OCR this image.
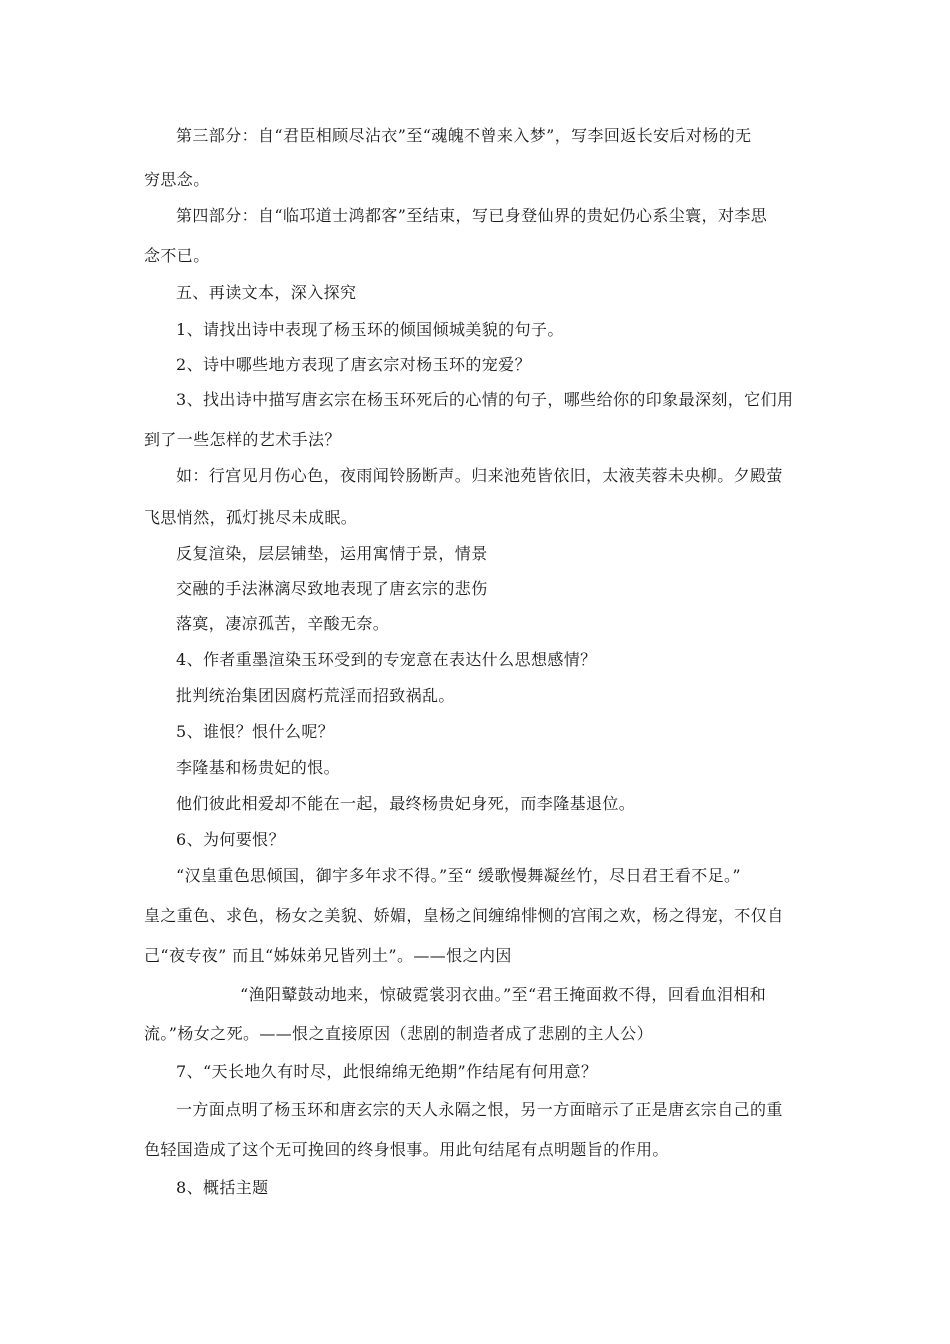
第三部分：自“君臣相顾尽沾衣”至“魂魄不曾来入梦”，写李回返长安后对杨的无
穷思念。
第四部分：自“临邛道士鸿都客”至结束，写已身登仙界的贵妃仍心系尘寰，对李思
念不已。
五、再读文本，深入探究
1、请找出诗中表现了杨玉环的倾国倾城美貌的句子。
2、诗中哪些地方表现了唐玄宗对杨玉环的宠爱？
3、找出诗中描写唐玄宗在杨玉环死后的心情的句子，哪些给你的印象最深刻，它们用
到了一些怎样的艺术手法？
如：行宫见月伤心色，夜雨闻铃肠断声。归来池苑皆依旧，太液芙蓉未央柳。夕殿萤
飞思悄然，孤灯挑尽未成眠。
反复渲染，层层铺垫，运用寓情于景，情景
交融的手法淋漓尽致地表现了唐玄宗的悲伤
落寞，凄凉孤苦，辛酸无奈。
4、作者重墨渲染玉环受到的专宠意在表达什么思想感情？
批判统治集团因腐朽荒淫而招致祸乱。
5、谁恨？恨什么呢？
李隆基和杨贵妃的恨。
他们彼此相爱却不能在一起，最终杨贵妃身死，而李隆基退位。
6、为何要恨？
“汉皇重色思倾国，御宇多年求不得。”至“ 缓歌慢舞凝丝竹，尽日君王看不足。”
皇之重色、求色，杨女之美貌、娇媚，皇杨之间缠绵悱恻的宫闱之欢，杨之得宠，不仅自
己“夜专夜” 而且“姊妹弟兄皆列土”。——恨之内因
“渔阳鼙鼓动地来，惊破霓裳羽衣曲。”至“君王掩面救不得，回看血泪相和
流。”杨女之死。——恨之直接原因（悲剧的制造者成了悲剧的主人公）
7、“天长地久有时尽，此恨绵绵无绝期”作结尾有何用意？
一方面点明了杨玉环和唐玄宗的天人永隔之恨，另一方面暗示了正是唐玄宗自己的重
色轻国造成了这个无可挽回的终身恨事。用此句结尾有点明题旨的作用。
8、概括主题
